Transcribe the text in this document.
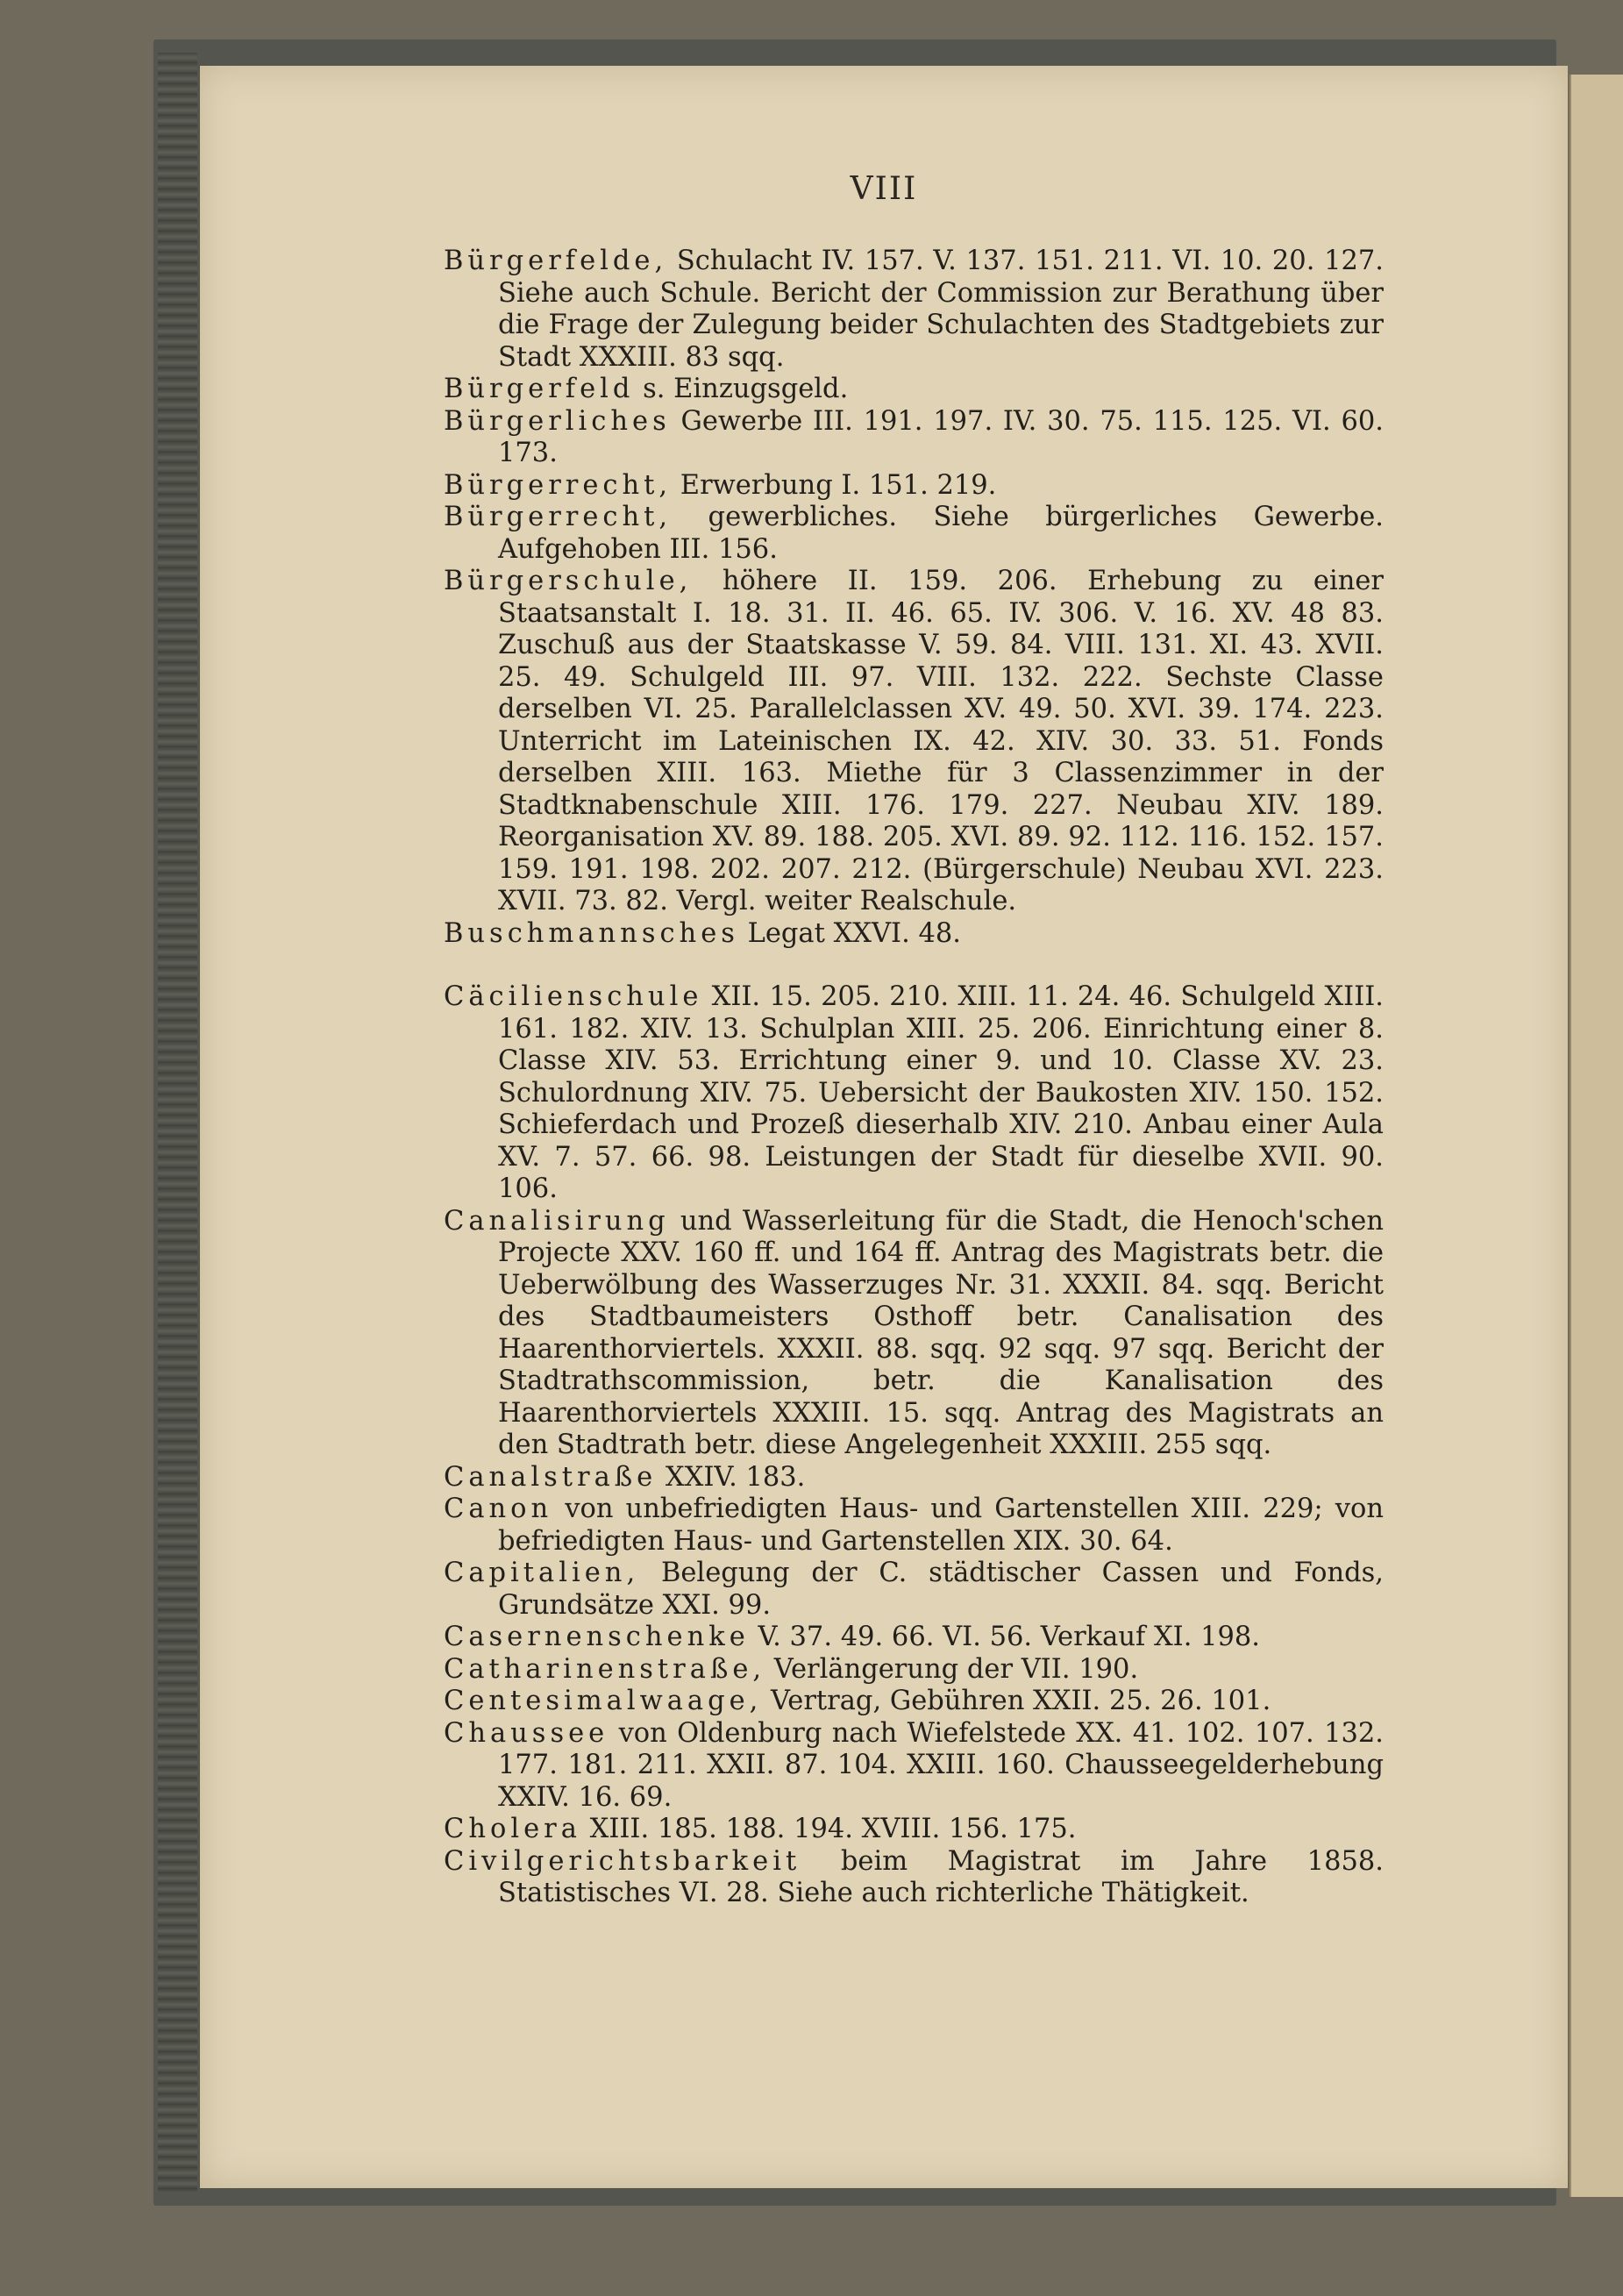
VIII

Bürgerfelde, Schulacht IV. 157. V. 137. 151. 211. VI. 10. 20. 127. Siehe auch Schule. Bericht der Commission zur Berathung über die Frage der Zulegung beider Schulachten des Stadtgebiets zur Stadt XXXIII. 83 sqq.

Bürgerfeld s. Einzugsgeld.

Bürgerliches Gewerbe III. 191. 197. IV. 30. 75. 115. 125. VI. 60. 173.

Bürgerrecht, Erwerbung I. 151. 219.

Bürgerrecht, gewerbliches. Siehe bürgerliches Gewerbe. Aufgehoben III. 156.

Bürgerschule, höhere II. 159. 206. Erhebung zu einer Staatsanstalt I. 18. 31. II. 46. 65. IV. 306. V. 16. XV. 48 83. Zuschuß aus der Staatskasse V. 59. 84. VIII. 131. XI. 43. XVII. 25. 49. Schulgeld III. 97. VIII. 132. 222. Sechste Classe derselben VI. 25. Parallelclassen XV. 49. 50. XVI. 39. 174. 223. Unterricht im Lateinischen IX. 42. XIV. 30. 33. 51. Fonds derselben XIII. 163. Miethe für 3 Classenzimmer in der Stadtknabenschule XIII. 176. 179. 227. Neubau XIV. 189. Reorganisation XV. 89. 188. 205. XVI. 89. 92. 112. 116. 152. 157. 159. 191. 198. 202. 207. 212. (Bürgerschule) Neubau XVI. 223. XVII. 73. 82. Vergl. weiter Realschule.

Buschmannsches Legat XXVI. 48.

Cäcilienschule XII. 15. 205. 210. XIII. 11. 24. 46. Schulgeld XIII. 161. 182. XIV. 13. Schulplan XIII. 25. 206. Einrichtung einer 8. Classe XIV. 53. Errichtung einer 9. und 10. Classe XV. 23. Schulordnung XIV. 75. Uebersicht der Baukosten XIV. 150. 152. Schieferdach und Prozeß dieserhalb XIV. 210. Anbau einer Aula XV. 7. 57. 66. 98. Leistungen der Stadt für dieselbe XVII. 90. 106.

Canalisirung und Wasserleitung für die Stadt, die Henoch'schen Projecte XXV. 160 ff. und 164 ff. Antrag des Magistrats betr. die Ueberwölbung des Wasserzuges Nr. 31. XXXII. 84. sqq. Bericht des Stadtbaumeisters Osthoff betr. Canalisation des Haarenthorviertels. XXXII. 88. sqq. 92 sqq. 97 sqq. Bericht der Stadtrathscommission, betr. die Kanalisation des Haarenthorviertels XXXIII. 15. sqq. Antrag des Magistrats an den Stadtrath betr. diese Angelegenheit XXXIII. 255 sqq.

Canalstraße XXIV. 183.

Canon von unbefriedigten Haus- und Gartenstellen XIII. 229; von befriedigten Haus- und Gartenstellen XIX. 30. 64.

Capitalien, Belegung der C. städtischer Cassen und Fonds, Grundsätze XXI. 99.

Casernenschenke V. 37. 49. 66. VI. 56. Verkauf XI. 198.

Catharinenstraße, Verlängerung der VII. 190.

Centesimalwaage, Vertrag, Gebühren XXII. 25. 26. 101.

Chaussee von Oldenburg nach Wiefelstede XX. 41. 102. 107. 132. 177. 181. 211. XXII. 87. 104. XXIII. 160. Chausseegelderhebung XXIV. 16. 69.

Cholera XIII. 185. 188. 194. XVIII. 156. 175.

Civilgerichtsbarkeit beim Magistrat im Jahre 1858. Statistisches VI. 28. Siehe auch richterliche Thätigkeit.
